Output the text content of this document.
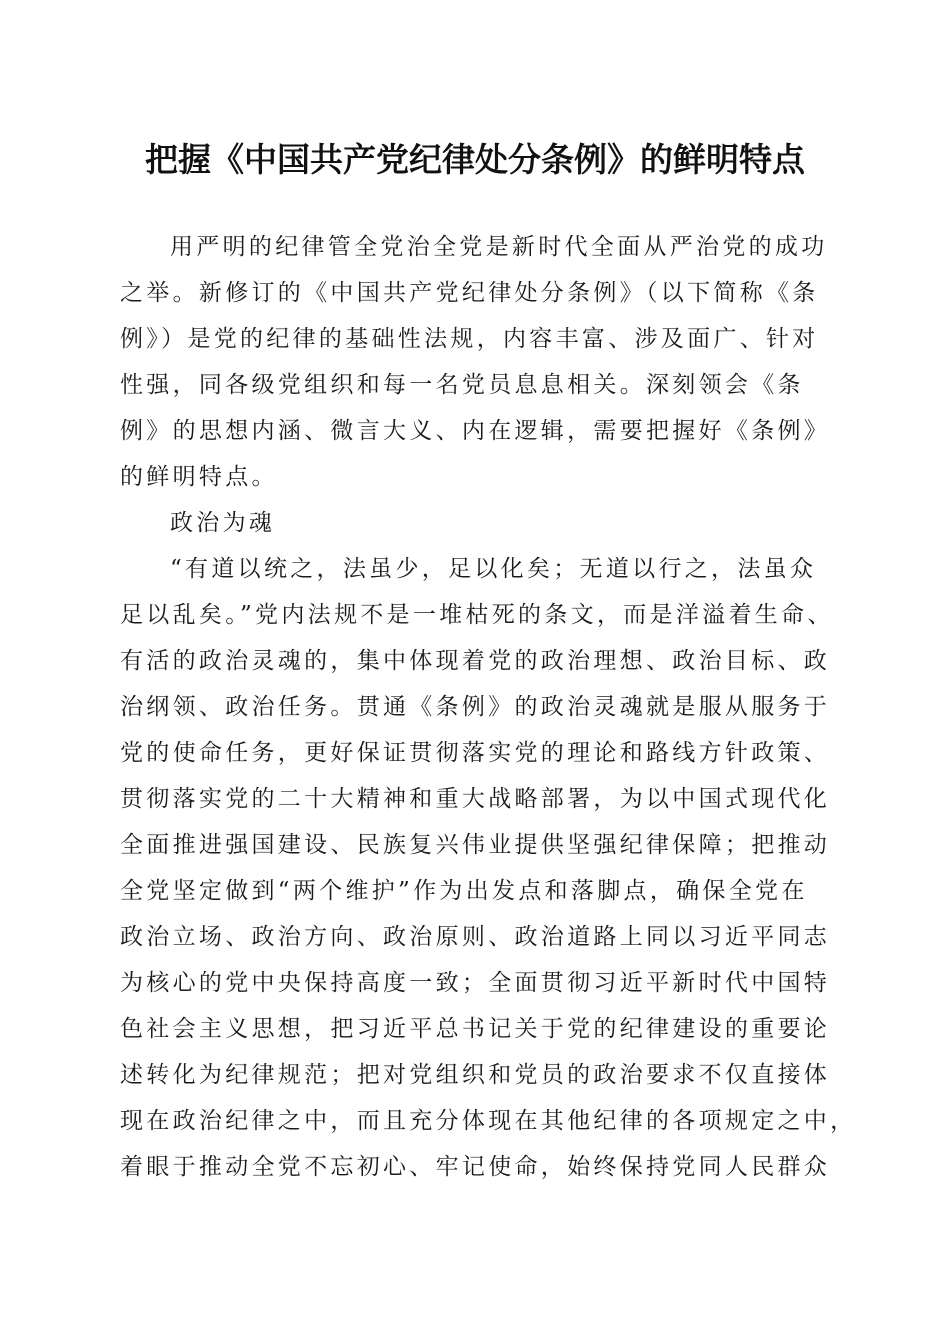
把握《中国共产党纪律处分条例》的鲜明特点
用严明的纪律管全党治全党是新时代全面从严治党的成功
之举。新修订的《中国共产党纪律处分条例》（以下简称《条
例》）是党的纪律的基础性法规，内容丰富、涉及面广、针对
性强，同各级党组织和每一名党员息息相关。深刻领会《条
例》的思想内涵、微言大义、内在逻辑，需要把握好《条例》
的鲜明特点。
政治为魂
“有道以统之，法虽少，足以化矣；无道以行之，法虽众
足以乱矣。”党内法规不是一堆枯死的条文，而是洋溢着生命、
有活的政治灵魂的，集中体现着党的政治理想、政治目标、政
治纲领、政治任务。贯通《条例》的政治灵魂就是服从服务于
党的使命任务，更好保证贯彻落实党的理论和路线方针政策、
贯彻落实党的二十大精神和重大战略部署，为以中国式现代化
全面推进强国建设、民族复兴伟业提供坚强纪律保障；把推动
全党坚定做到“两个维护”作为出发点和落脚点，确保全党在
政治立场、政治方向、政治原则、政治道路上同以习近平同志
为核心的党中央保持高度一致；全面贯彻习近平新时代中国特
色社会主义思想，把习近平总书记关于党的纪律建设的重要论
述转化为纪律规范；把对党组织和党员的政治要求不仅直接体
现在政治纪律之中，而且充分体现在其他纪律的各项规定之中，
着眼于推动全党不忘初心、牢记使命，始终保持党同人民群众
